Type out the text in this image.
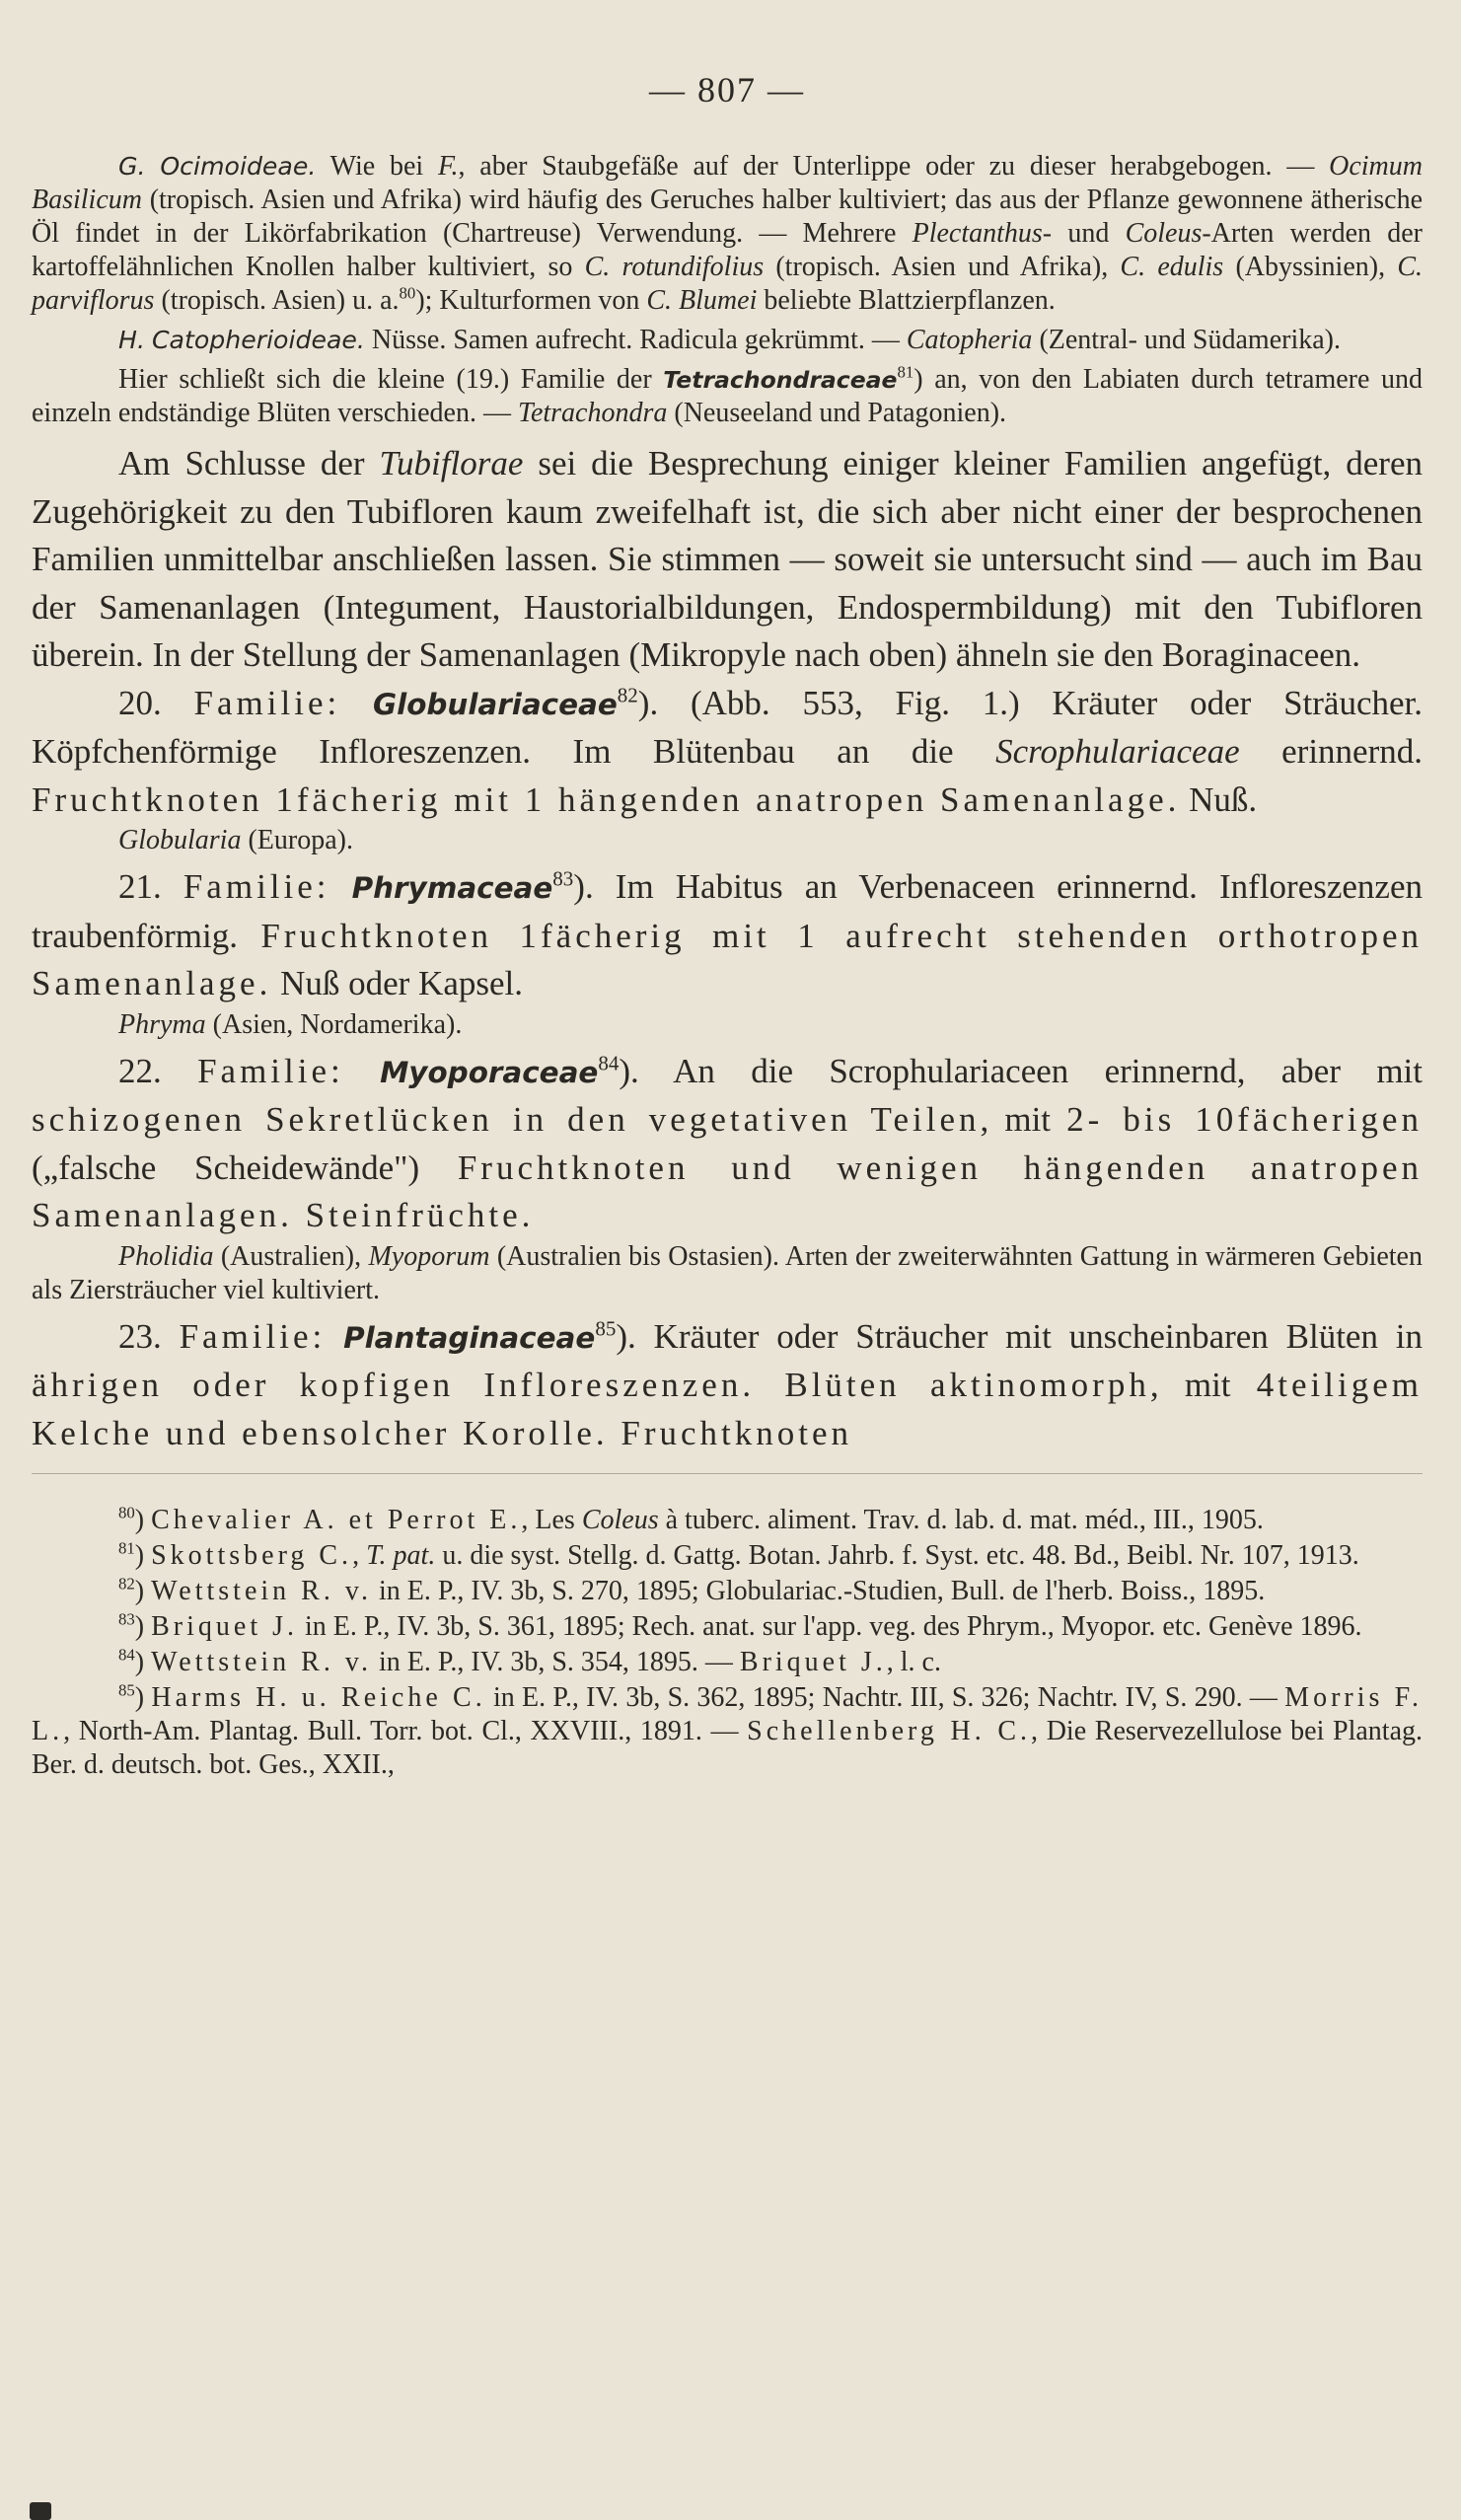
— 807 —

G. Ocimoideae. Wie bei F., aber Staubgefäße auf der Unterlippe oder zu dieser herabgebogen. — Ocimum Basilicum (tropisch. Asien und Afrika) wird häufig des Geruches halber kultiviert; das aus der Pflanze gewonnene ätherische Öl findet in der Likörfabrikation (Chartreuse) Verwendung. — Mehrere Plectanthus- und Coleus-Arten werden der kartoffelähnlichen Knollen halber kultiviert, so C. rotundifolius (tropisch. Asien und Afrika), C. edulis (Abyssinien), C. parviflorus (tropisch. Asien) u. a.$^{80}$); Kulturformen von C. Blumei beliebte Blattzierpflanzen.

H. Catopherioideae. Nüsse. Samen aufrecht. Radicula gekrümmt. — Catopheria (Zentral- und Südamerika).

Hier schließt sich die kleine (19.) Familie der Tetrachondraceae$^{81}$) an, von den Labiaten durch tetramere und einzeln endständige Blüten verschieden. — Tetrachondra (Neuseeland und Patagonien).

Am Schlusse der Tubiflorae sei die Besprechung einiger kleiner Familien angefügt, deren Zugehörigkeit zu den Tubifloren kaum zweifelhaft ist, die sich aber nicht einer der besprochenen Familien unmittelbar anschließen lassen. Sie stimmen — soweit sie untersucht sind — auch im Bau der Samenanlagen (Integument, Haustorialbildungen, Endospermbildung) mit den Tubifloren überein. In der Stellung der Samenanlagen (Mikropyle nach oben) ähneln sie den Boraginaceen.

20. Familie: Globulariaceae$^{82}$). (Abb. 553, Fig. 1.) Kräuter oder Sträucher. Köpfchenförmige Infloreszenzen. Im Blütenbau an die Scrophulariaceae erinnernd. Fruchtknoten 1fächerig mit 1 hängenden anatropen Samenanlage. Nuß.

Globularia (Europa).

21. Familie: Phrymaceae$^{83}$). Im Habitus an Verbenaceen erinnernd. Infloreszenzen traubenförmig. Fruchtknoten 1fächerig mit 1 aufrecht stehenden orthotropen Samenanlage. Nuß oder Kapsel.

Phryma (Asien, Nordamerika).

22. Familie: Myoporaceae$^{84}$). An die Scrophulariaceen erinnernd, aber mit schizogenen Sekretlücken in den vegetativen Teilen, mit 2- bis 10fächerigen („falsche Scheidewände") Fruchtknoten und wenigen hängenden anatropen Samenanlagen. Steinfrüchte.

Pholidia (Australien), Myoporum (Australien bis Ostasien). Arten der zweiterwähnten Gattung in wärmeren Gebieten als Ziersträucher viel kultiviert.

23. Familie: Plantaginaceae$^{85}$). Kräuter oder Sträucher mit unscheinbaren Blüten in ährigen oder kopfigen Infloreszenzen. Blüten aktinomorph, mit 4teiligem Kelche und ebensolcher Korolle. Fruchtknoten

$^{80}$) Chevalier A. et Perrot E., Les Coleus à tuberc. aliment. Trav. d. lab. d. mat. méd., III., 1905.

$^{81}$) Skottsberg C., T. pat. u. die syst. Stellg. d. Gattg. Botan. Jahrb. f. Syst. etc. 48. Bd., Beibl. Nr. 107, 1913.

$^{82}$) Wettstein R. v. in E. P., IV. 3b, S. 270, 1895; Globulariac.-Studien, Bull. de l'herb. Boiss., 1895.

$^{83}$) Briquet J. in E. P., IV. 3b, S. 361, 1895; Rech. anat. sur l'app. veg. des Phrym., Myopor. etc. Genève 1896.

$^{84}$) Wettstein R. v. in E. P., IV. 3b, S. 354, 1895. — Briquet J., l. c.

$^{85}$) Harms H. u. Reiche C. in E. P., IV. 3b, S. 362, 1895; Nachtr. III, S. 326; Nachtr. IV, S. 290. — Morris F. L., North-Am. Plantag. Bull. Torr. bot. Cl., XXVIII., 1891. — Schellenberg H. C., Die Reservezellulose bei Plantag. Ber. d. deutsch. bot. Ges., XXII.,
